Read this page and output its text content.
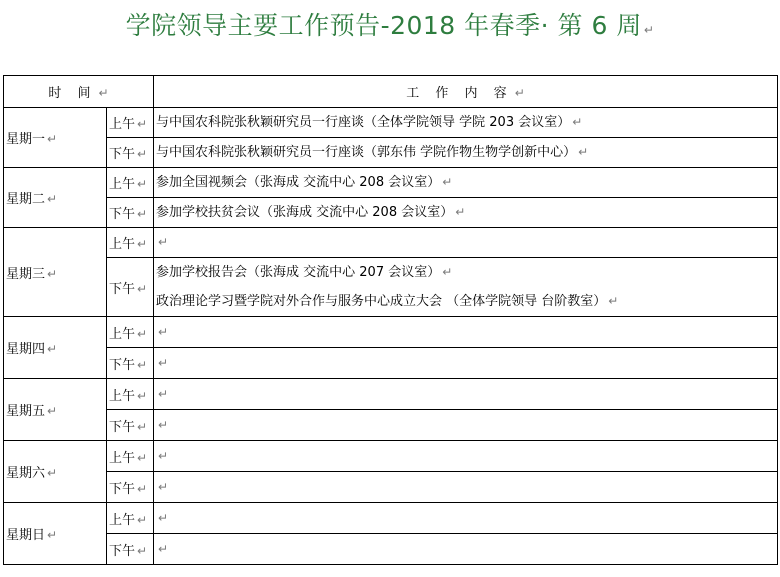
学院领导主要工作预告-2018 年春季· 第 6 周 ↵
时 间 ↵		工 作 内 容 ↵
星期一 ↵	上午 ↵	与中国农科院张秋颖研究员一行座谈（全体学院领导 学院 203 会议室） ↵

	下午 ↵	与中国农科院张秋颖研究员一行座谈（郭东伟 学院作物生物学创新中心） ↵

星期二 ↵	上午 ↵	参加全国视频会（张海成 交流中心 208 会议室） ↵

	下午 ↵	参加学校扶贫会议（张海成 交流中心 208 会议室） ↵

星期三 ↵	上午 ↵	↵

	下午 ↵	参加学校报告会（张海成 交流中心 207 会议室） ↵
政治理论学习暨学院对外合作与服务中心成立大会 （全体学院领导 台阶教室） ↵

星期四 ↵	上午 ↵	↵

	下午 ↵	↵

星期五 ↵	上午 ↵	↵

	下午 ↵	↵

星期六 ↵	上午 ↵	↵

	下午 ↵	↵

星期日 ↵	上午 ↵	↵

	下午 ↵	↵
